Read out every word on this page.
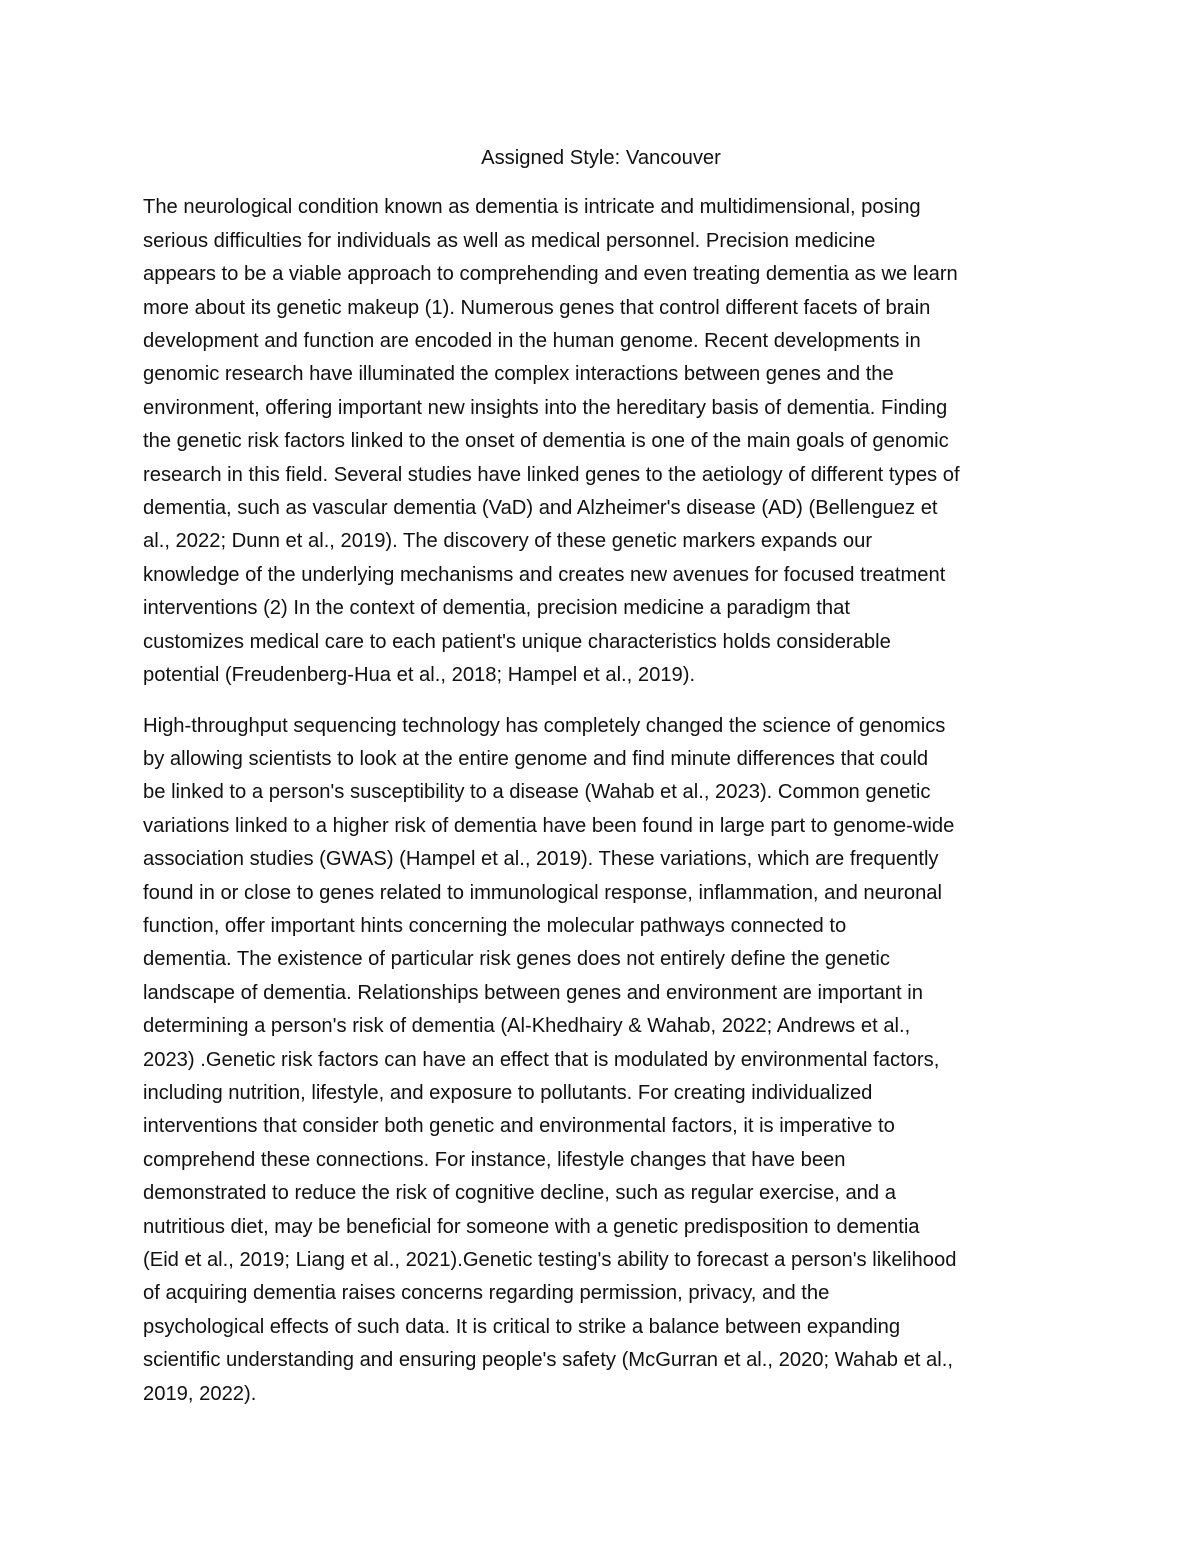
Assigned Style: Vancouver

The neurological condition known as dementia is intricate and multidimensional, posing
serious difficulties for individuals as well as medical personnel. Precision medicine
appears to be a viable approach to comprehending and even treating dementia as we learn
more about its genetic makeup (1). Numerous genes that control different facets of brain
development and function are encoded in the human genome. Recent developments in
genomic research have illuminated the complex interactions between genes and the
environment, offering important new insights into the hereditary basis of dementia. Finding
the genetic risk factors linked to the onset of dementia is one of the main goals of genomic
research in this field. Several studies have linked genes to the aetiology of different types of
dementia, such as vascular dementia (VaD) and Alzheimer's disease (AD) (Bellenguez et
al., 2022; Dunn et al., 2019). The discovery of these genetic markers expands our
knowledge of the underlying mechanisms and creates new avenues for focused treatment
interventions (2) In the context of dementia, precision medicine a paradigm that
customizes medical care to each patient's unique characteristics holds considerable
potential (Freudenberg-Hua et al., 2018; Hampel et al., 2019).

High-throughput sequencing technology has completely changed the science of genomics
by allowing scientists to look at the entire genome and find minute differences that could
be linked to a person's susceptibility to a disease (Wahab et al., 2023). Common genetic
variations linked to a higher risk of dementia have been found in large part to genome-wide
association studies (GWAS) (Hampel et al., 2019). These variations, which are frequently
found in or close to genes related to immunological response, inflammation, and neuronal
function, offer important hints concerning the molecular pathways connected to
dementia. The existence of particular risk genes does not entirely define the genetic
landscape of dementia. Relationships between genes and environment are important in
determining a person's risk of dementia (Al-Khedhairy & Wahab, 2022; Andrews et al.,
2023) .Genetic risk factors can have an effect that is modulated by environmental factors,
including nutrition, lifestyle, and exposure to pollutants. For creating individualized
interventions that consider both genetic and environmental factors, it is imperative to
comprehend these connections. For instance, lifestyle changes that have been
demonstrated to reduce the risk of cognitive decline, such as regular exercise, and a
nutritious diet, may be beneficial for someone with a genetic predisposition to dementia
(Eid et al., 2019; Liang et al., 2021).Genetic testing's ability to forecast a person's likelihood
of acquiring dementia raises concerns regarding permission, privacy, and the
psychological effects of such data. It is critical to strike a balance between expanding
scientific understanding and ensuring people's safety (McGurran et al., 2020; Wahab et al.,
2019, 2022).
